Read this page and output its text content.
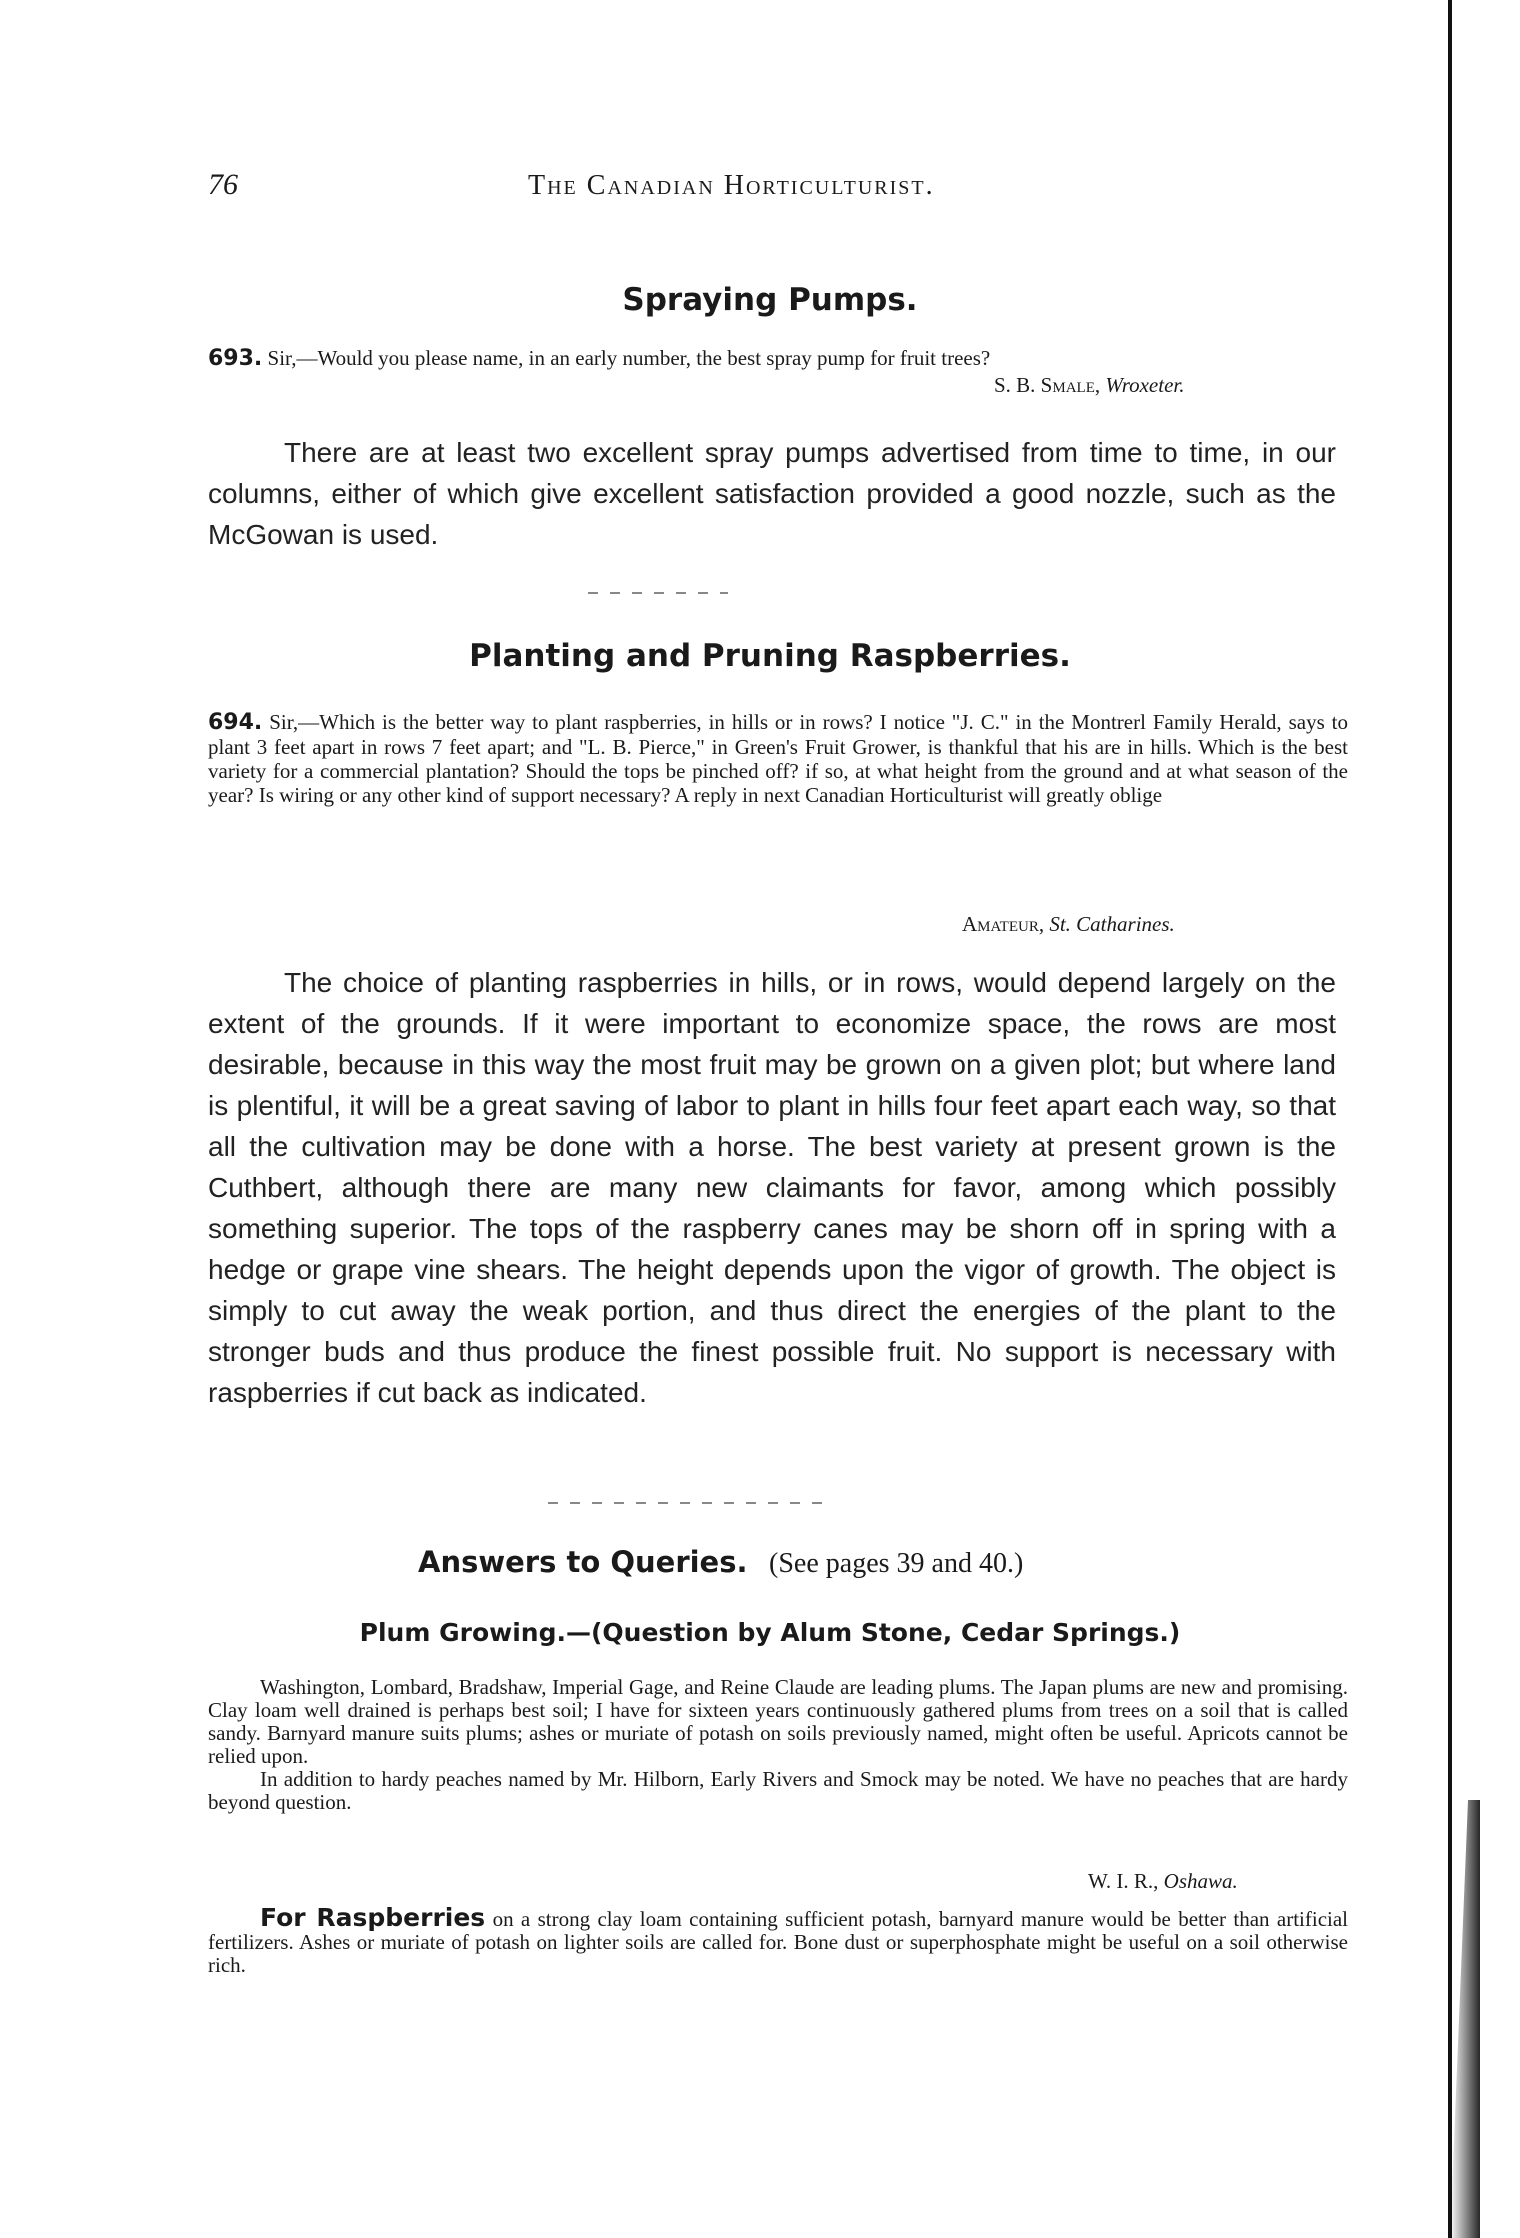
76	The Canadian Horticulturist.
Spraying Pumps.
693. Sir,—Would you please name, in an early number, the best spray pump for fruit trees?
S. B. Smale, Wroxeter.

There are at least two excellent spray pumps advertised from time to time, in our columns, either of which give excellent satisfaction provided a good nozzle, such as the McGowan is used.

Planting and Pruning Raspberries.
694. Sir,—Which is the better way to plant raspberries, in hills or in rows? I notice "J. C." in the Montrerl Family Herald, says to plant 3 feet apart in rows 7 feet apart; and "L. B. Pierce," in Green's Fruit Grower, is thankful that his are in hills. Which is the best variety for a commercial plantation? Should the tops be pinched off? if so, at what height from the ground and at what season of the year? Is wiring or any other kind of support necessary? A reply in next Canadian Horticulturist will greatly oblige
Amateur, St. Catharines.

The choice of planting raspberries in hills, or in rows, would depend largely on the extent of the grounds. If it were important to economize space, the rows are most desirable, because in this way the most fruit may be grown on a given plot; but where land is plentiful, it will be a great saving of labor to plant in hills four feet apart each way, so that all the cultivation may be done with a horse. The best variety at present grown is the Cuthbert, although there are many new claimants for favor, among which possibly something superior. The tops of the raspberry canes may be shorn off in spring with a hedge or grape vine shears. The height depends upon the vigor of growth. The object is simply to cut away the weak portion, and thus direct the energies of the plant to the stronger buds and thus produce the finest possible fruit. No support is necessary with raspberries if cut back as indicated.

Answers to Queries. (See pages 39 and 40.)
Plum Growing.—(Question by Alum Stone, Cedar Springs.)

Washington, Lombard, Bradshaw, Imperial Gage, and Reine Claude are leading plums. The Japan plums are new and promising. Clay loam well drained is perhaps best soil; I have for sixteen years continuously gathered plums from trees on a soil that is called sandy. Barnyard manure suits plums; ashes or muriate of potash on soils previously named, might often be useful. Apricots cannot be relied upon.

In addition to hardy peaches named by Mr. Hilborn, Early Rivers and Smock may be noted. We have no peaches that are hardy beyond question.

W. I. R., Oshawa.

For Raspberries on a strong clay loam containing sufficient potash, barnyard manure would be better than artificial fertilizers. Ashes or muriate of potash on lighter soils are called for. Bone dust or superphosphate might be useful on a soil otherwise rich.
